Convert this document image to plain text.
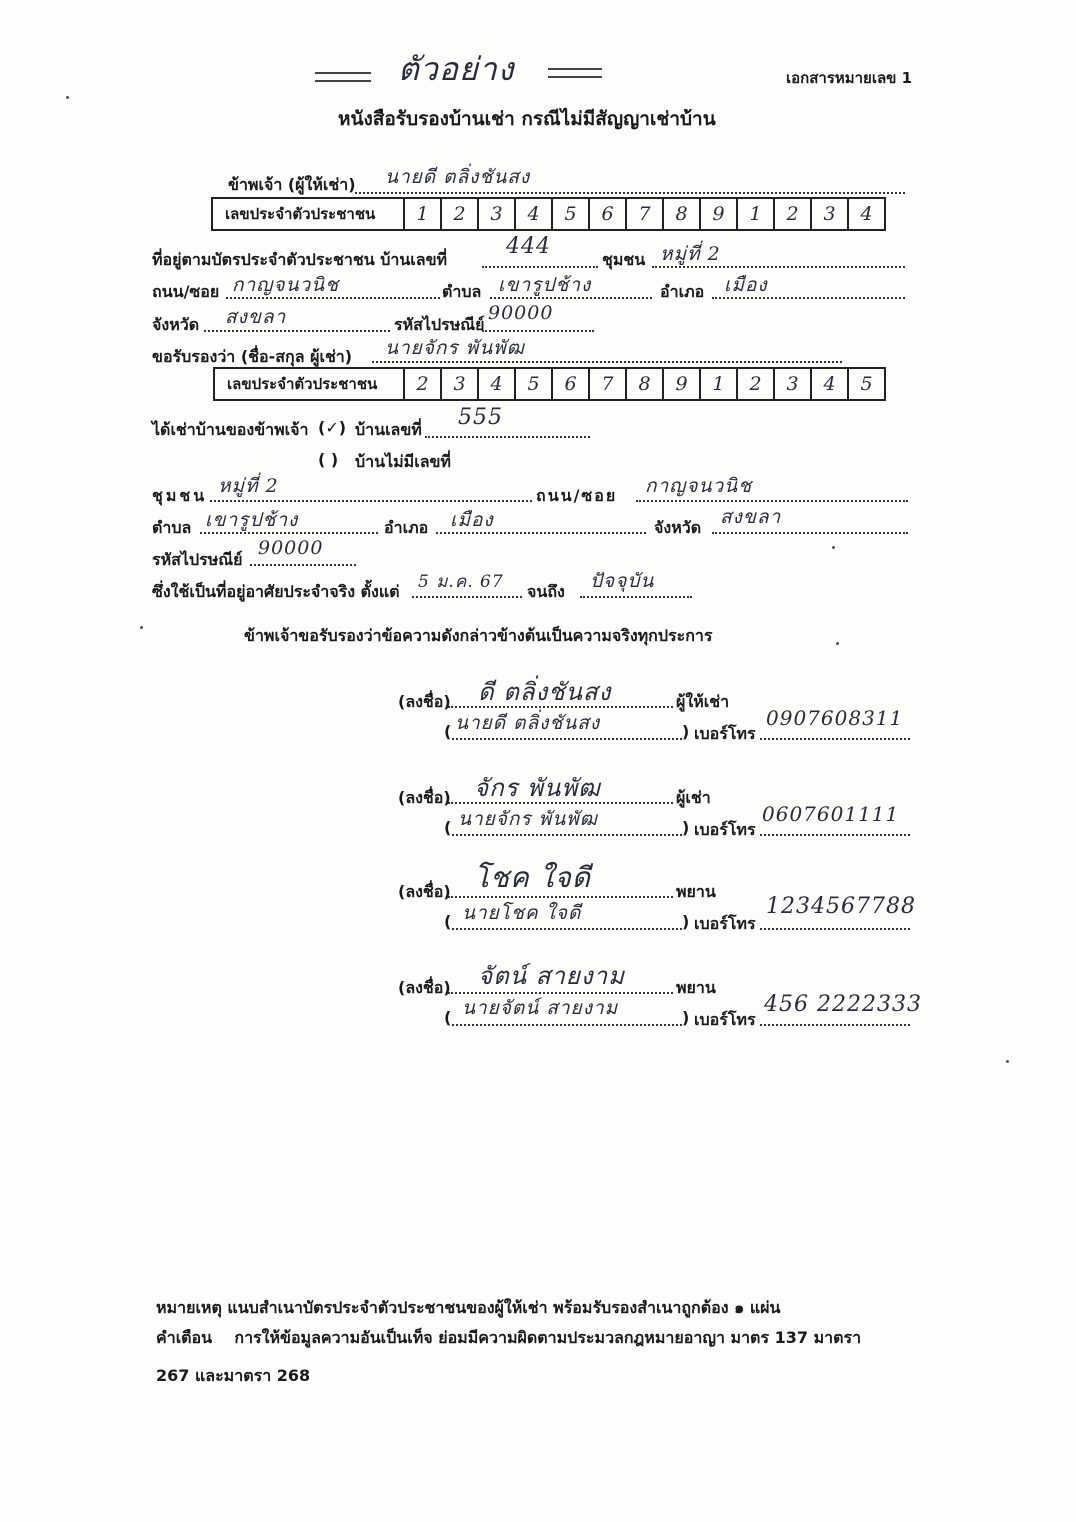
ตัวอย่าง	เอกสารหมายเลข 1
หนังสือรับรองบ้านเช่า กรณีไม่มีสัญญาเช่าบ้าน
ข้าพเจ้า (ผู้ให้เช่า) นายดี ตลิ่งชันสง
เลขประจำตัวประชาชน	1	2	3	4	5	6	7	8	9	1	2	3	4
ที่อยู่ตามบัตรประจำตัวประชาชน บ้านเลขที่
444
ชุมชน หมู่ที่ 2
ถนน/ซอย กาญจนวนิช	ตำบล เขารูปช้าง	อำเภอ เมือง
จังหวัด สงขลา	รหัสไปรษณีย์
90000
ขอรับรองว่า (ชื่อ-สกุล ผู้เช่า) นายจักร พันพัฒ
เลขประจำตัวประชาชน	2	3	4	5	6	7	8	9	1	2	3	4	5
ได้เช่าบ้านของข้าพเจ้า (✓) บ้านเลขที่ 555
( ) บ้านไม่มีเลขที่
ชุมชน หมู่ที่ 2	ถนน/ซอย กาญจนวนิช
ตำบล เขารูปช้าง	อำเภอ เมือง	จังหวัด สงขลา
รหัสไปรษณีย์
90000
ซึ่งใช้เป็นที่อยู่อาศัยประจำจริง ตั้งแต่ 5 ม.ค. 67 จนถึง ปัจจุบัน
ข้าพเจ้าขอรับรองว่าข้อความดังกล่าวข้างต้นเป็นความจริงทุกประการ
(ลงชื่อ) ดี ตลิ่งชันสง	ผู้ให้เช่า
( นายดี ตลิ่งชันสง	) เบอร์โทร
0907608311
(ลงชื่อ) จักร พันพัฒ	ผู้เช่า
( นายจักร พันพัฒ	) เบอร์โทร
0607601111
(ลงชื่อ) โชค ใจดี	พยาน
( นายโชค ใจดี	) เบอร์โทร
1234567788
(ลงชื่อ) จัตน์ สายงาม	พยาน
( นายจัตน์ สายงาม	) เบอร์โทร
456 2222333
หมายเหตุ แนบสำเนาบัตรประจำตัวประชาชนของผู้ให้เช่า พร้อมรับรองสำเนาถูกต้อง ๑ แผ่น
คำเตือน    การให้ข้อมูลความอันเป็นเท็จ ย่อมมีความผิดตามประมวลกฎหมายอาญา มาตร 137 มาตรา
267 และมาตรา 268
